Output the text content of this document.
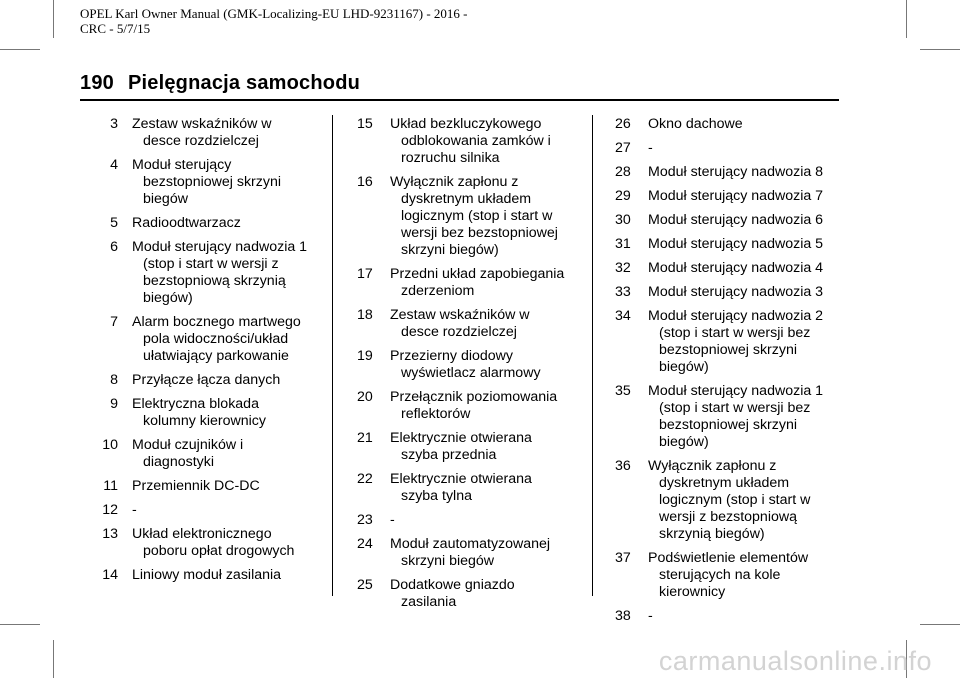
OPEL Karl Owner Manual (GMK-Localizing-EU LHD-9231167) - 2016 -
CRC - 5/7/15
190 Pielęgnacja samochodu
3 Zestaw wskaźników w
desce rozdzielczej
4 Moduł sterujący
bezstopniowej skrzyni
biegów
5 Radioodtwarzacz
6 Moduł sterujący nadwozia 1
(stop i start w wersji z
bezstopniową skrzynią
biegów)
7 Alarm bocznego martwego
pola widoczności/układ
ułatwiający parkowanie
8 Przyłącze łącza danych
9 Elektryczna blokada
kolumny kierownicy
10 Moduł czujników i
diagnostyki
11 Przemiennik DC-DC
12 -
13 Układ elektronicznego
poboru opłat drogowych
14 Liniowy moduł zasilania
15	Układ bezkluczykowego
odblokowania zamków i
rozruchu silnika
16	Wyłącznik zapłonu z
dyskretnym układem
logicznym (stop i start w
wersji bez bezstopniowej
skrzyni biegów)
17	Przedni układ zapobiegania
zderzeniom
18	Zestaw wskaźników w
desce rozdzielczej
19	Przezierny diodowy
wyświetlacz alarmowy
20	Przełącznik poziomowania
reflektorów
21	Elektrycznie otwierana
szyba przednia
22	Elektrycznie otwierana
szyba tylna
23	-
24	Moduł zautomatyzowanej
skrzyni biegów
25	Dodatkowe gniazdo
zasilania
26	Okno dachowe
27	-
28	Moduł sterujący nadwozia 8
29	Moduł sterujący nadwozia 7
30	Moduł sterujący nadwozia 6
31	Moduł sterujący nadwozia 5
32	Moduł sterujący nadwozia 4
33	Moduł sterujący nadwozia 3
34	Moduł sterujący nadwozia 2
(stop i start w wersji bez
bezstopniowej skrzyni
biegów)
35	Moduł sterujący nadwozia 1
(stop i start w wersji bez
bezstopniowej skrzyni
biegów)
36	Wyłącznik zapłonu z
dyskretnym układem
logicznym (stop i start w
wersji z bezstopniową
skrzynią biegów)
37	Podświetlenie elementów
sterujących na kole
kierownicy
38	-
carmanualsonline.info
